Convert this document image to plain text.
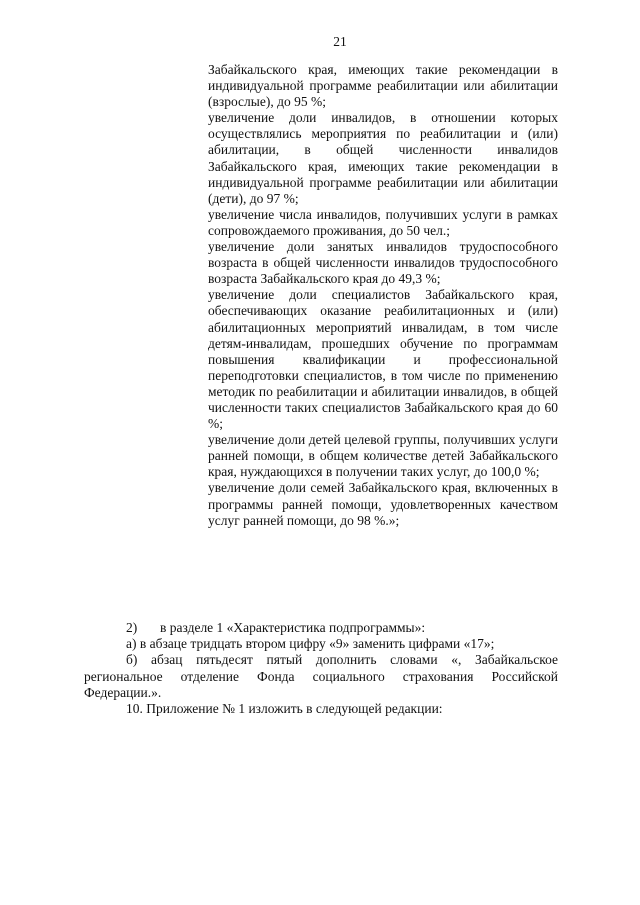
21

Забайкальского края, имеющих такие рекомендации в индивидуальной программе реабилитации или абилитации (взрослые), до 95 %;

увеличение доли инвалидов, в отношении которых осуществлялись мероприятия по реабилитации и (или) абилитации, в общей численности инвалидов Забайкальского края, имеющих такие рекомендации в индивидуальной программе реабилитации или абилитации (дети), до 97 %;

увеличение числа инвалидов, получивших услуги в рамках сопровождаемого проживания, до 50 чел.;

увеличение доли занятых инвалидов трудоспособного возраста в общей численности инвалидов трудоспособного возраста Забайкальского края до 49,3 %;

увеличение доли специалистов Забайкальского края, обеспечивающих оказание реабилитационных и (или) абилитационных мероприятий инвалидам, в том числе детям-инвалидам, прошедших обучение по программам повышения квалификации и профессиональной переподготовки специалистов, в том числе по применению методик по реабилитации и абилитации инвалидов, в общей численности таких специалистов Забайкальского края до 60 %;

увеличение доли детей целевой группы, получивших услуги ранней помощи, в общем количестве детей Забайкальского края, нуждающихся в получении таких услуг, до 100,0 %;

увеличение доли семей Забайкальского края, включенных в программы ранней помощи, удовлетворенных качеством услуг ранней помощи, до 98 %.»;

2)	в разделе 1 «Характеристика подпрограммы»:

а) в абзаце тридцать втором цифру «9» заменить цифрами «17»;

б) абзац пятьдесят пятый дополнить словами «, Забайкальское региональное отделение Фонда социального страхования Российской Федерации.».

10. Приложение № 1 изложить в следующей редакции:
